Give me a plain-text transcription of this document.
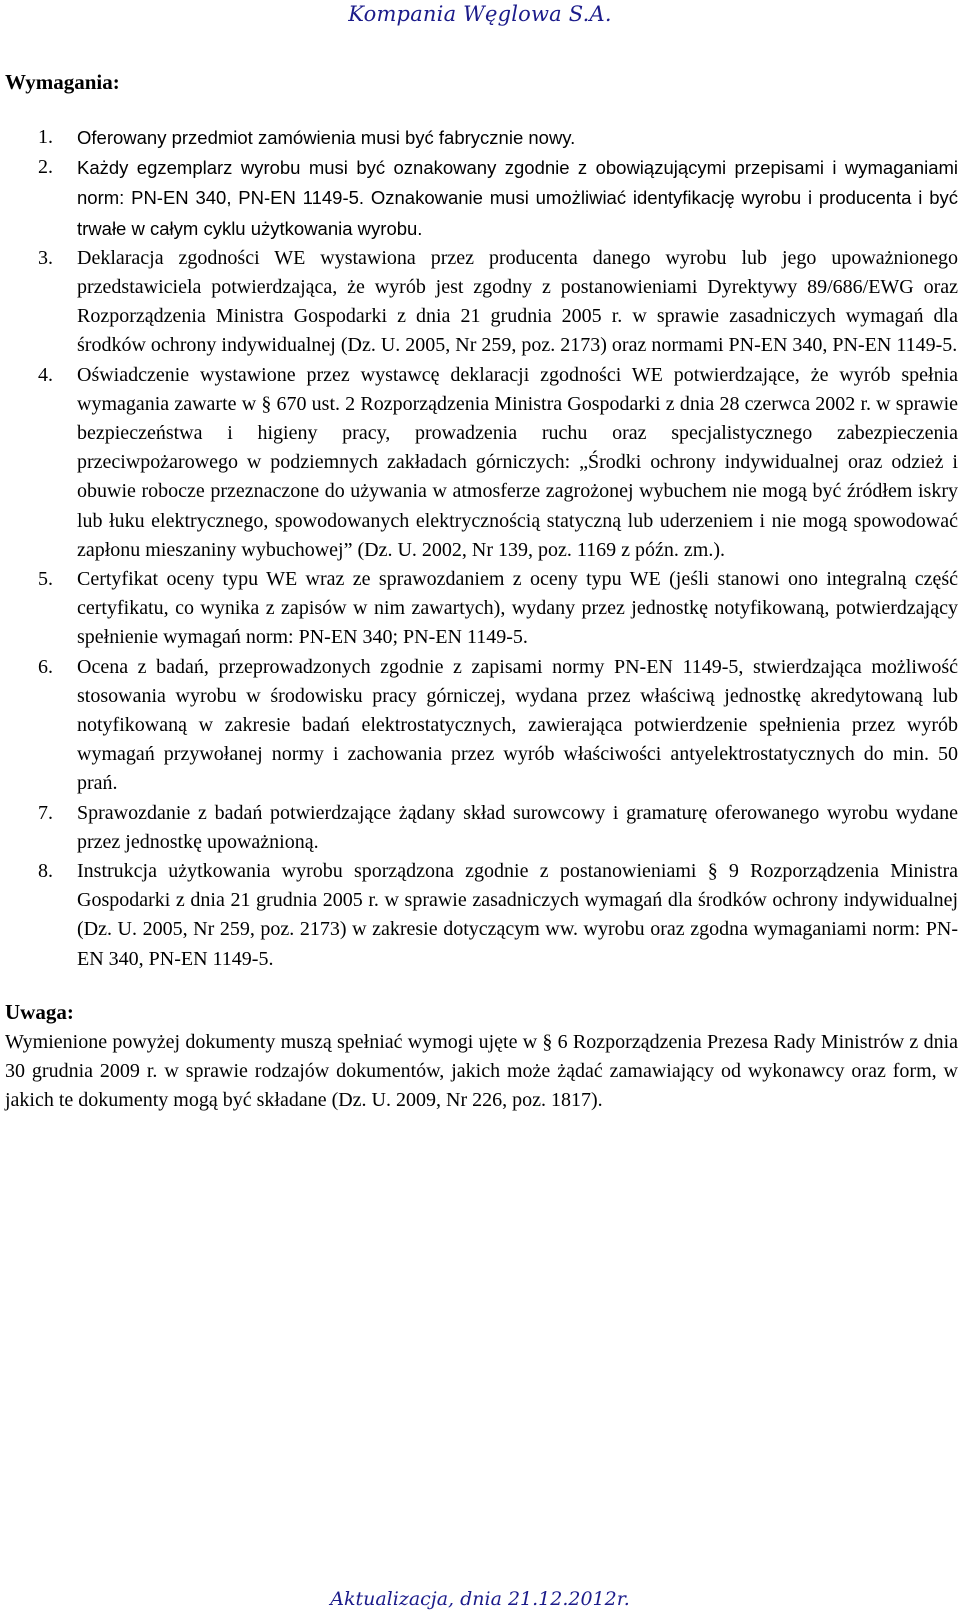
Kompania Węglowa S.A.
Wymagania:
1. Oferowany przedmiot zamówienia musi być fabrycznie nowy.
2. Każdy egzemplarz wyrobu musi być oznakowany zgodnie z obowiązującymi przepisami i wymaganiami norm: PN-EN 340, PN-EN 1149-5. Oznakowanie musi umożliwiać identyfikację wyrobu i producenta i być trwałe w całym cyklu użytkowania wyrobu.
3. Deklaracja zgodności WE wystawiona przez producenta danego wyrobu lub jego upoważnionego przedstawiciela potwierdzająca, że wyrób jest zgodny z postanowieniami Dyrektywy 89/686/EWG oraz Rozporządzenia Ministra Gospodarki z dnia 21 grudnia 2005 r. w sprawie zasadniczych wymagań dla środków ochrony indywidualnej (Dz. U. 2005, Nr 259, poz. 2173) oraz normami PN-EN 340, PN-EN 1149-5.
4. Oświadczenie wystawione przez wystawcę deklaracji zgodności WE potwierdzające, że wyrób spełnia wymagania zawarte w § 670 ust. 2 Rozporządzenia Ministra Gospodarki z dnia 28 czerwca 2002 r. w sprawie bezpieczeństwa i higieny pracy, prowadzenia ruchu oraz specjalistycznego zabezpieczenia przeciwpożarowego w podziemnych zakładach górniczych: „Środki ochrony indywidualnej oraz odzież i obuwie robocze przeznaczone do używania w atmosferze zagrożonej wybuchem nie mogą być źródłem iskry lub łuku elektrycznego, spowodowanych elektrycznością statyczną lub uderzeniem i nie mogą spowodować zapłonu mieszaniny wybuchowej” (Dz. U. 2002, Nr 139, poz. 1169 z późn. zm.).
5. Certyfikat oceny typu WE wraz ze sprawozdaniem z oceny typu WE (jeśli stanowi ono integralną część certyfikatu, co wynika z zapisów w nim zawartych), wydany przez jednostkę notyfikowaną, potwierdzający spełnienie wymagań norm: PN-EN 340; PN-EN 1149-5.
6. Ocena z badań, przeprowadzonych zgodnie z zapisami normy PN-EN 1149-5, stwierdzająca możliwość stosowania wyrobu w środowisku pracy górniczej, wydana przez właściwą jednostkę akredytowaną lub notyfikowaną w zakresie badań elektrostatycznych, zawierająca potwierdzenie spełnienia przez wyrób wymagań przywołanej normy i zachowania przez wyrób właściwości antyelektrostatycznych do min. 50 prań.
7. Sprawozdanie z badań potwierdzające żądany skład surowcowy i gramaturę oferowanego wyrobu wydane przez jednostkę upoważnioną.
8. Instrukcja użytkowania wyrobu sporządzona zgodnie z postanowieniami § 9 Rozporządzenia Ministra Gospodarki z dnia 21 grudnia 2005 r. w sprawie zasadniczych wymagań dla środków ochrony indywidualnej (Dz. U. 2005, Nr 259, poz. 2173) w zakresie dotyczącym ww. wyrobu oraz zgodna wymaganiami norm: PN-EN 340, PN-EN 1149-5.
Uwaga:

Wymienione powyżej dokumenty muszą spełniać wymogi ujęte w § 6 Rozporządzenia Prezesa Rady Ministrów z dnia 30 grudnia 2009 r. w sprawie rodzajów dokumentów, jakich może żądać zamawiający od wykonawcy oraz form, w jakich te dokumenty mogą być składane (Dz. U. 2009, Nr 226, poz. 1817).

Aktualizacja, dnia 21.12.2012r.
